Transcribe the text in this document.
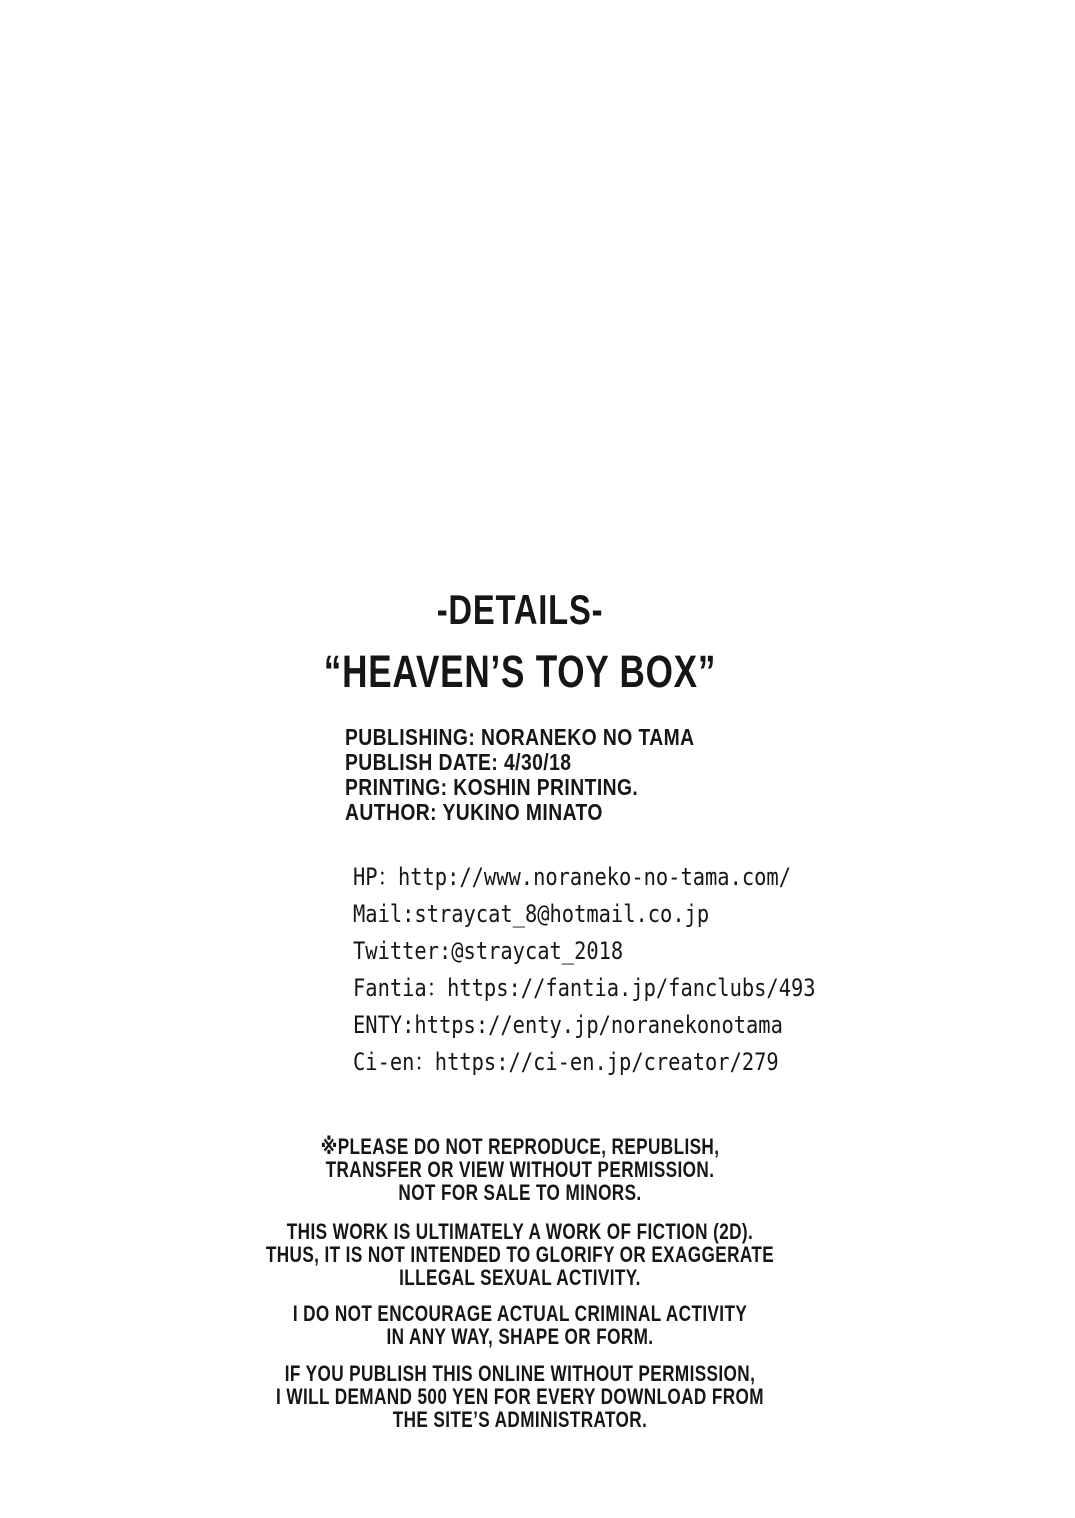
-DETAILS-
“HEAVEN’S TOY BOX”
PUBLISHING: NORANEKO NO TAMA
PUBLISH DATE: 4/30/18
PRINTING: KOSHIN PRINTING.
AUTHOR: YUKINO MINATO
HP：http://www.noraneko-no-tama.com/
Mail:straycat_8@hotmail.co.jp
Twitter:@straycat_2018
Fantia：https://fantia.jp/fanclubs/493
ENTY:https://enty.jp/noranekonotama
Ci-en：https://ci-en.jp/creator/279
※PLEASE DO NOT REPRODUCE, REPUBLISH,
TRANSFER OR VIEW WITHOUT PERMISSION.
NOT FOR SALE TO MINORS.
THIS WORK IS ULTIMATELY A WORK OF FICTION (2D).
THUS, IT IS NOT INTENDED TO GLORIFY OR EXAGGERATE
ILLEGAL SEXUAL ACTIVITY.
I DO NOT ENCOURAGE ACTUAL CRIMINAL ACTIVITY
IN ANY WAY, SHAPE OR FORM.
IF YOU PUBLISH THIS ONLINE WITHOUT PERMISSION,
I WILL DEMAND 500 YEN FOR EVERY DOWNLOAD FROM
THE SITE’S ADMINISTRATOR.
